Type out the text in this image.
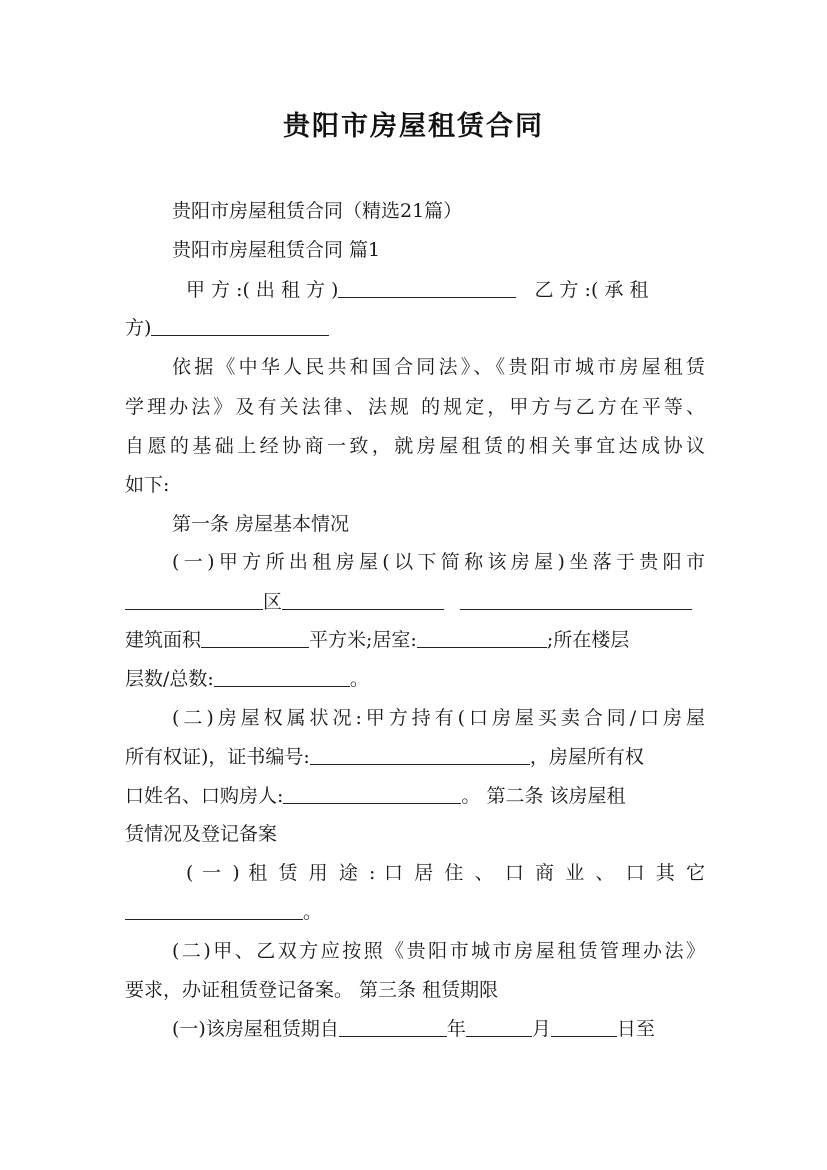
贵阳市房屋租赁合同
贵阳市房屋租赁合同（精选21篇）
贵阳市房屋租赁合同 篇1
甲 方 :( 出 租 方 )	乙 方 :( 承 租
方)
依据《中华人民共和国合同法》、《贵阳市城市房屋租赁
学理办法》及有关法律、法规 的规定，甲方与乙方在平等、
自愿的基础上经协商一致，就房屋租赁的相关事宜达成协议
如下:
第一条 房屋基本情况
(一)甲方所出租房屋(以下简称该房屋)坐落于贵阳市
区
建筑面积	平方米;居室:	;所在楼层
层数/总数:	。
(二)房屋权属状况:甲方持有(口房屋买卖合同/口房屋
所有权证)，证书编号:	，房屋所有权
口姓名、口购房人:	。 第二条 该房屋租
赁情况及登记备案
( 一 ) 租 赁 用 途 : 口 居 住 、 口 商 业 、 口 其 它
。
(二)甲、乙双方应按照《贵阳市城市房屋租赁管理办法》
要求，办证租赁登记备案。 第三条 租赁期限
(一)该房屋租赁期自	年	月	日至
